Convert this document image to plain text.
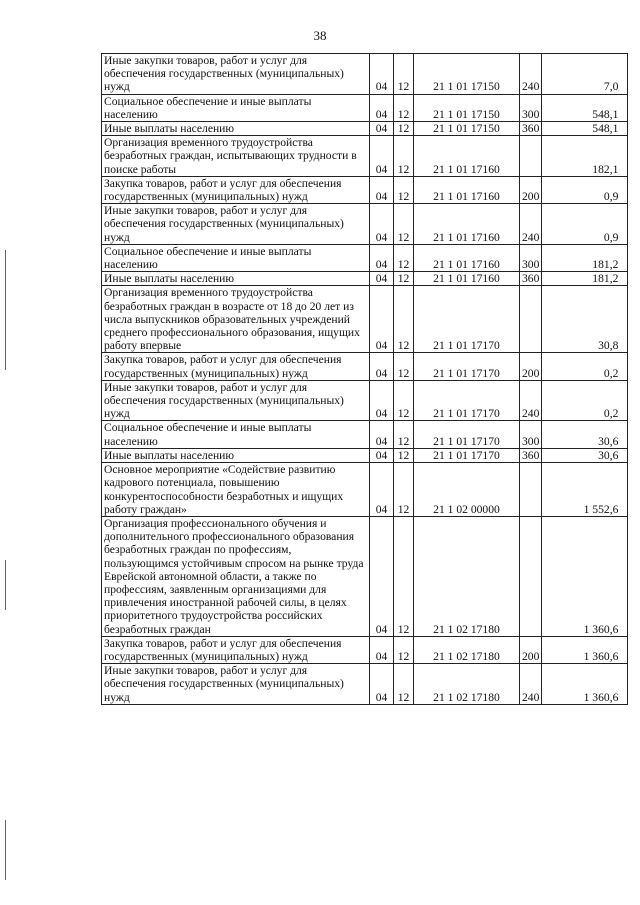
38
Иные закупки товаров, работ и услуг для обеспечения государственных (муниципальных) нужд	04	12	21 1 01 17150	240	7,0
Социальное обеспечение и иные выплаты населению	04	12	21 1 01 17150	300	548,1
Иные выплаты населению	04	12	21 1 01 17150	360	548,1
Организация временного трудоустройства безработных граждан, испытывающих трудности в поиске работы	04	12	21 1 01 17160		182,1
Закупка товаров, работ и услуг для обеспечения государственных (муниципальных) нужд	04	12	21 1 01 17160	200	0,9
Иные закупки товаров, работ и услуг для обеспечения государственных (муниципальных) нужд	04	12	21 1 01 17160	240	0,9
Социальное обеспечение и иные выплаты населению	04	12	21 1 01 17160	300	181,2
Иные выплаты населению	04	12	21 1 01 17160	360	181,2
Организация временного трудоустройства безработных граждан в возрасте от 18 до 20 лет из числа выпускников образовательных учреждений среднего профессионального образования, ищущих работу впервые	04	12	21 1 01 17170		30,8
Закупка товаров, работ и услуг для обеспечения государственных (муниципальных) нужд	04	12	21 1 01 17170	200	0,2
Иные закупки товаров, работ и услуг для обеспечения государственных (муниципальных) нужд	04	12	21 1 01 17170	240	0,2
Социальное обеспечение и иные выплаты населению	04	12	21 1 01 17170	300	30,6
Иные выплаты населению	04	12	21 1 01 17170	360	30,6
Основное мероприятие «Содействие развитию кадрового потенциала, повышению конкурентоспособности безработных и ищущих работу граждан»	04	12	21 1 02 00000		1 552,6
Организация профессионального обучения и дополнительного профессионального образования безработных граждан по профессиям, пользующимся устойчивым спросом на рынке труда Еврейской автономной области, а также по профессиям, заявленным организациями для привлечения иностранной рабочей силы, в целях приоритетного трудоустройства российских безработных граждан	04	12	21 1 02 17180		1 360,6
Закупка товаров, работ и услуг для обеспечения государственных (муниципальных) нужд	04	12	21 1 02 17180	200	1 360,6
Иные закупки товаров, работ и услуг для обеспечения государственных (муниципальных) нужд	04	12	21 1 02 17180	240	1 360,6
